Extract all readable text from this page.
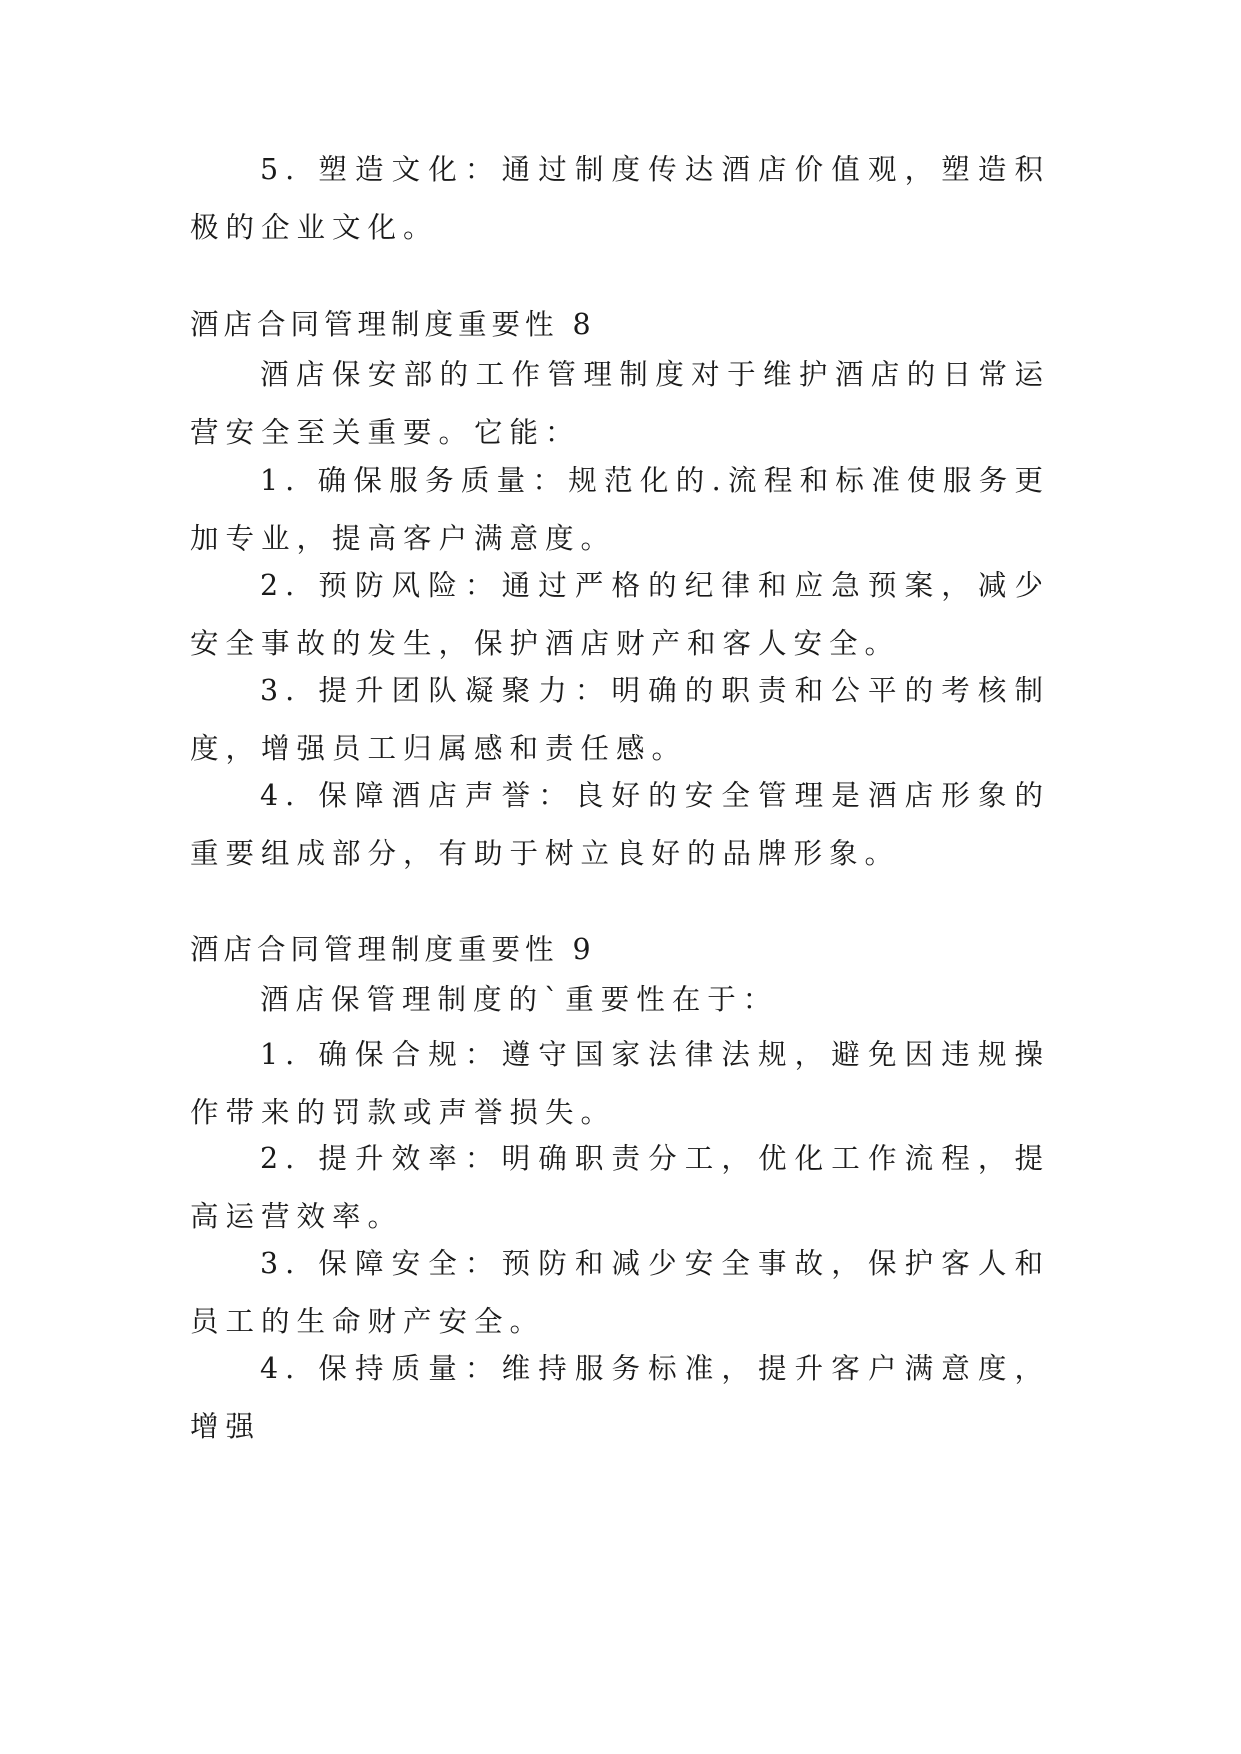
5. 塑造文化：通过制度传达酒店价值观，塑造积极的企业文化。

酒店合同管理制度重要性 8

酒店保安部的工作管理制度对于维护酒店的日常运营安全至关重要。它能：

1. 确保服务质量：规范化的.流程和标准使服务更加专业，提高客户满意度。

2. 预防风险：通过严格的纪律和应急预案，减少安全事故的发生，保护酒店财产和客人安全。

3. 提升团队凝聚力：明确的职责和公平的考核制度，增强员工归属感和责任感。

4. 保障酒店声誉：良好的安全管理是酒店形象的重要组成部分，有助于树立良好的品牌形象。

酒店合同管理制度重要性 9

酒店保管理制度的`重要性在于：

1. 确保合规：遵守国家法律法规，避免因违规操作带来的罚款或声誉损失。

2. 提升效率：明确职责分工，优化工作流程，提高运营效率。

3. 保障安全：预防和减少安全事故，保护客人和员工的生命财产安全。

4. 保持质量：维持服务标准，提升客户满意度，增强
